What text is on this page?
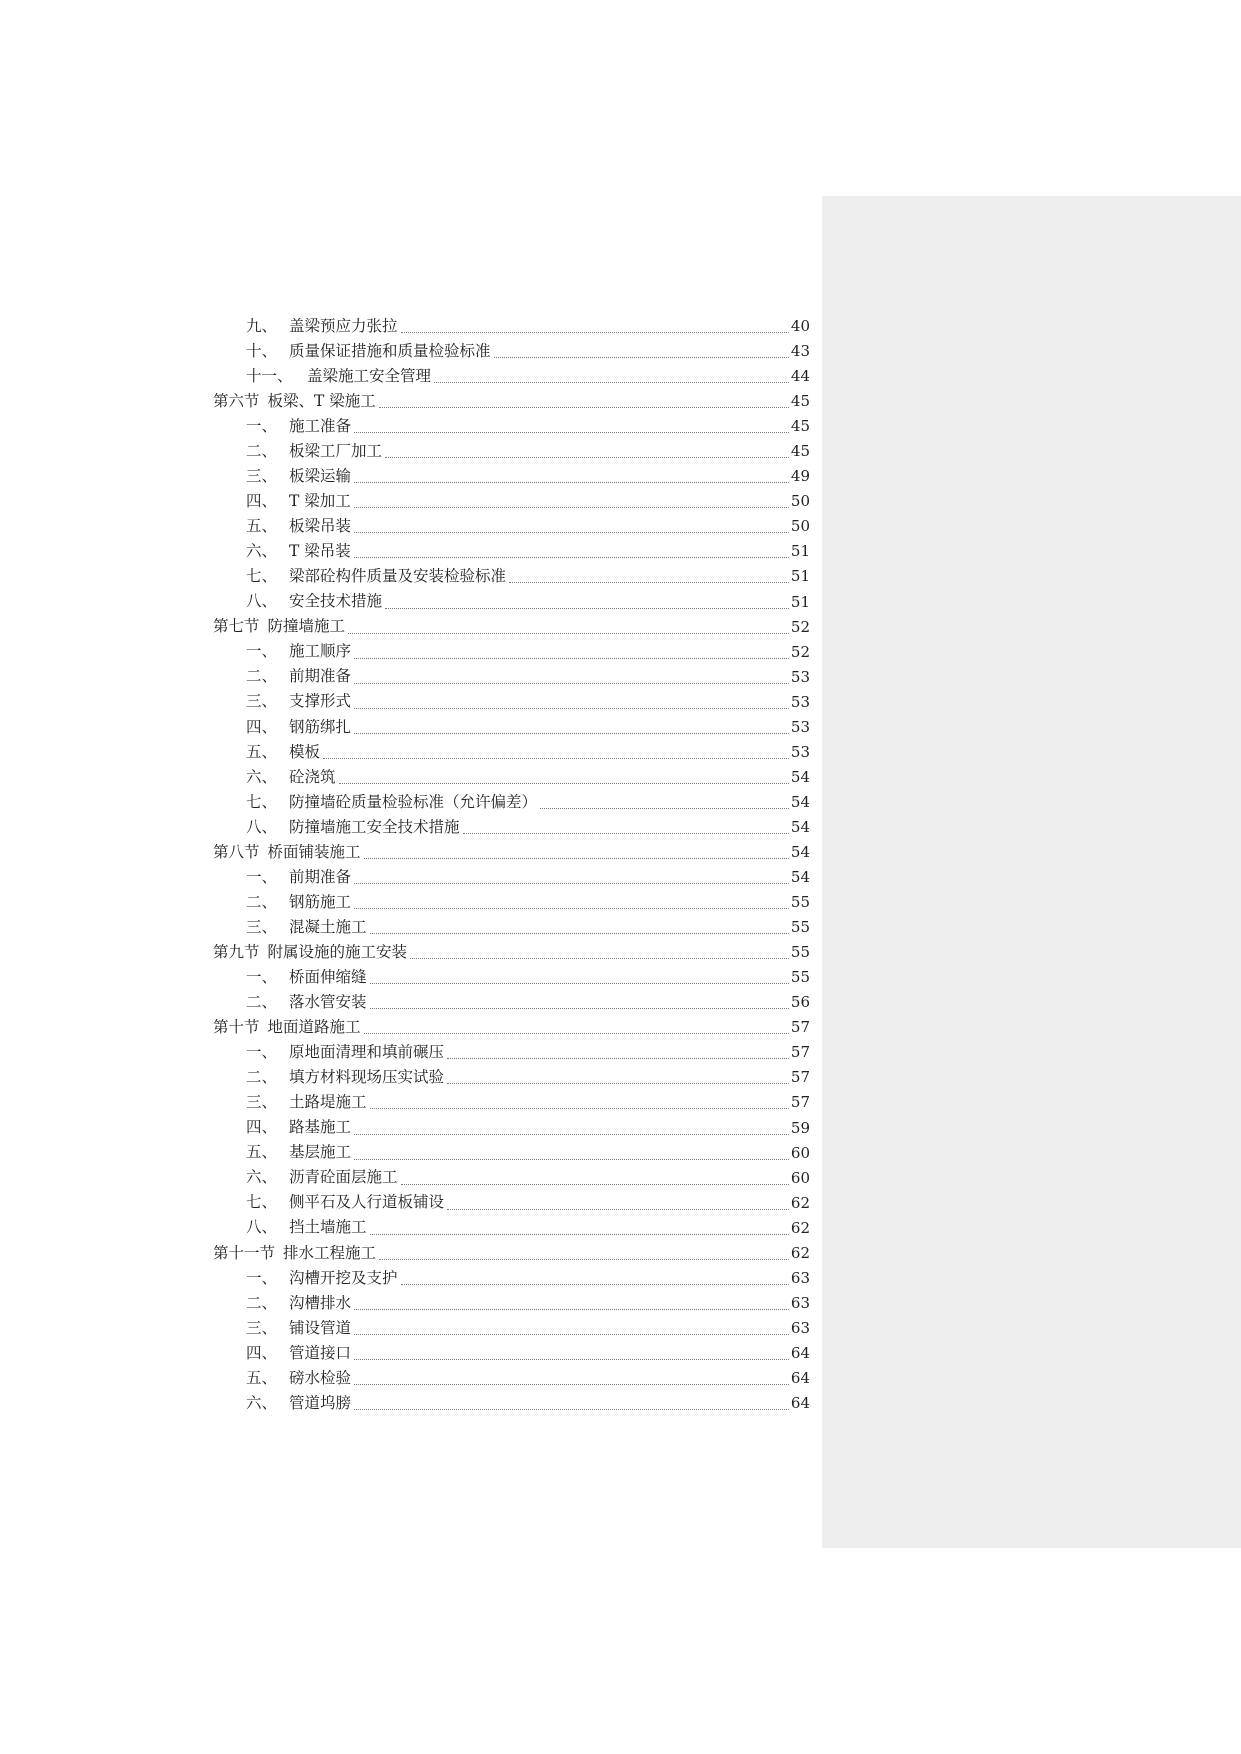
九、 盖梁预应力张拉	40
十、 质量保证措施和质量检验标准	43
十一、 盖梁施工安全管理	44
第六节 板梁、T 梁施工	45
一、 施工准备	45
二、 板梁工厂加工	45
三、 板梁运输	49
四、 T 梁加工	50
五、 板梁吊装	50
六、 T 梁吊装	51
七、 梁部砼构件质量及安装检验标准	51
八、 安全技术措施	51
第七节 防撞墙施工	52
一、 施工顺序	52
二、 前期准备	53
三、 支撑形式	53
四、 钢筋绑扎	53
五、 模板	53
六、 砼浇筑	54
七、 防撞墙砼质量检验标准（允许偏差）	54
八、 防撞墙施工安全技术措施	54
第八节 桥面铺装施工	54
一、 前期准备	54
二、 钢筋施工	55
三、 混凝土施工	55
第九节 附属设施的施工安装	55
一、 桥面伸缩缝	55
二、 落水管安装	56
第十节 地面道路施工	57
一、 原地面清理和填前碾压	57
二、 填方材料现场压实试验	57
三、 土路堤施工	57
四、 路基施工	59
五、 基层施工	60
六、 沥青砼面层施工	60
七、 侧平石及人行道板铺设	62
八、 挡土墙施工	62
第十一节 排水工程施工	62
一、 沟槽开挖及支护	63
二、 沟槽排水	63
三、 铺设管道	63
四、 管道接口	64
五、 磅水检验	64
六、 管道坞膀	64
